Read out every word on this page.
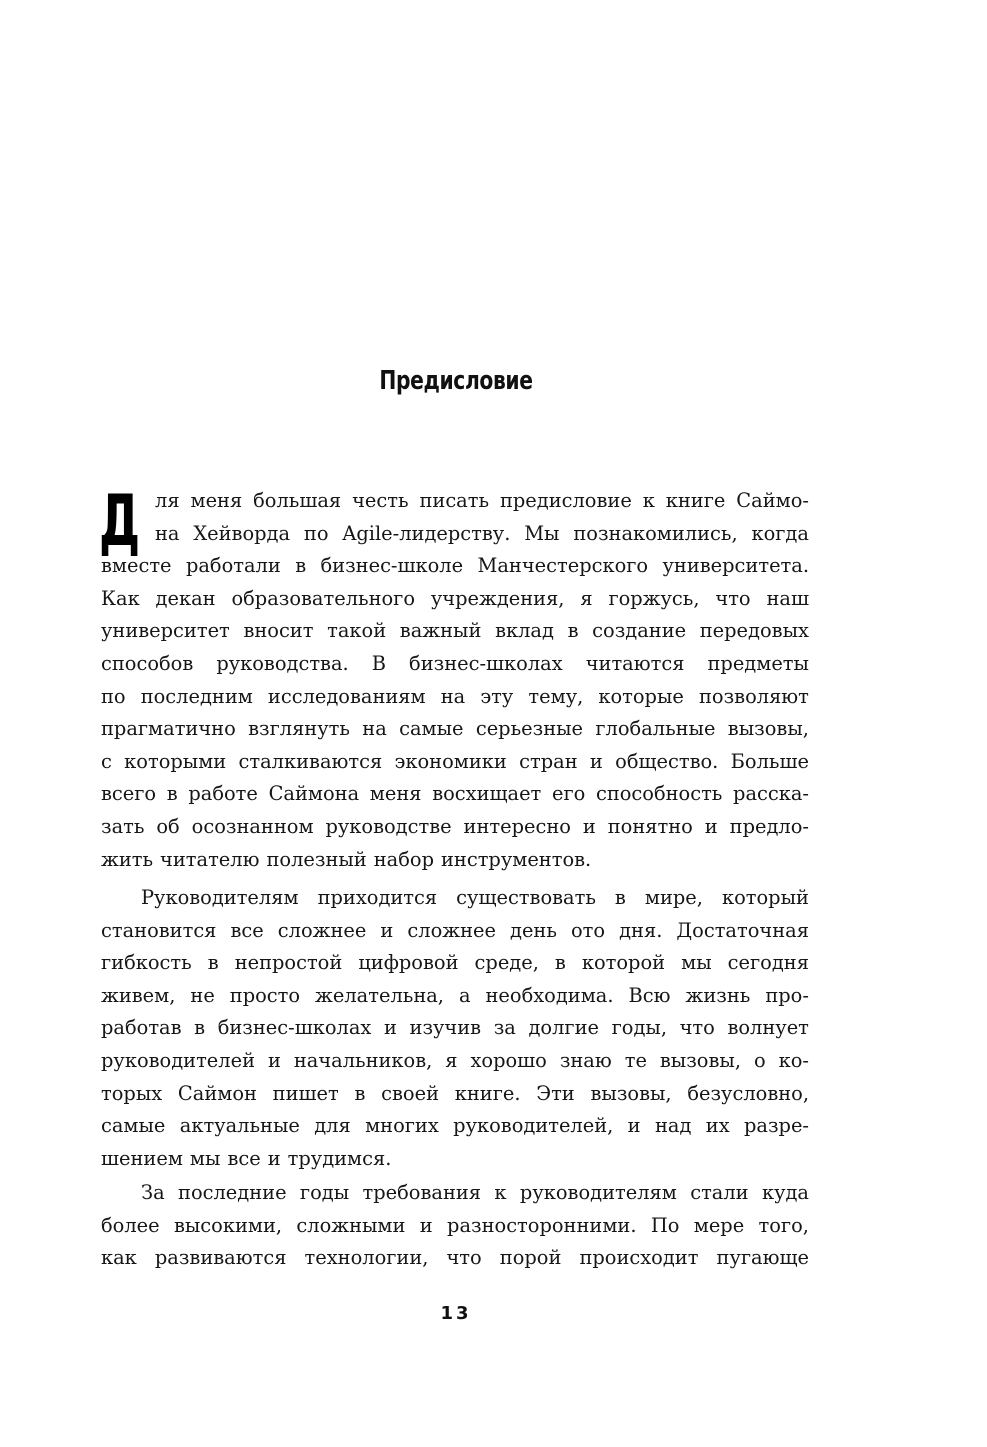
Предисловие
Д ля меня большая честь писать предисловие к книге Саймо-
на Хейворда по Agile-лидерству. Мы познакомились, когда
вместе работали в бизнес-школе Манчестерского университета.
Как декан образовательного учреждения, я горжусь, что наш
университет вносит такой важный вклад в создание передовых
способов руководства. В бизнес-школах читаются предметы
по последним исследованиям на эту тему, которые позволяют
прагматично взглянуть на самые серьезные глобальные вызовы,
с которыми сталкиваются экономики стран и общество. Больше
всего в работе Саймона меня восхищает его способность расска-
зать об осознанном руководстве интересно и понятно и предло-
жить читателю полезный набор инструментов.
Руководителям приходится существовать в мире, который
становится все сложнее и сложнее день ото дня. Достаточная
гибкость в непростой цифровой среде, в которой мы сегодня
живем, не просто желательна, а необходима. Всю жизнь про-
работав в бизнес-школах и изучив за долгие годы, что волнует
руководителей и начальников, я хорошо знаю те вызовы, о ко-
торых Саймон пишет в своей книге. Эти вызовы, безусловно,
самые актуальные для многих руководителей, и над их разре-
шением мы все и трудимся.
За последние годы требования к руководителям стали куда
более высокими, сложными и разносторонними. По мере того,
как развиваются технологии, что порой происходит пугающе

13
